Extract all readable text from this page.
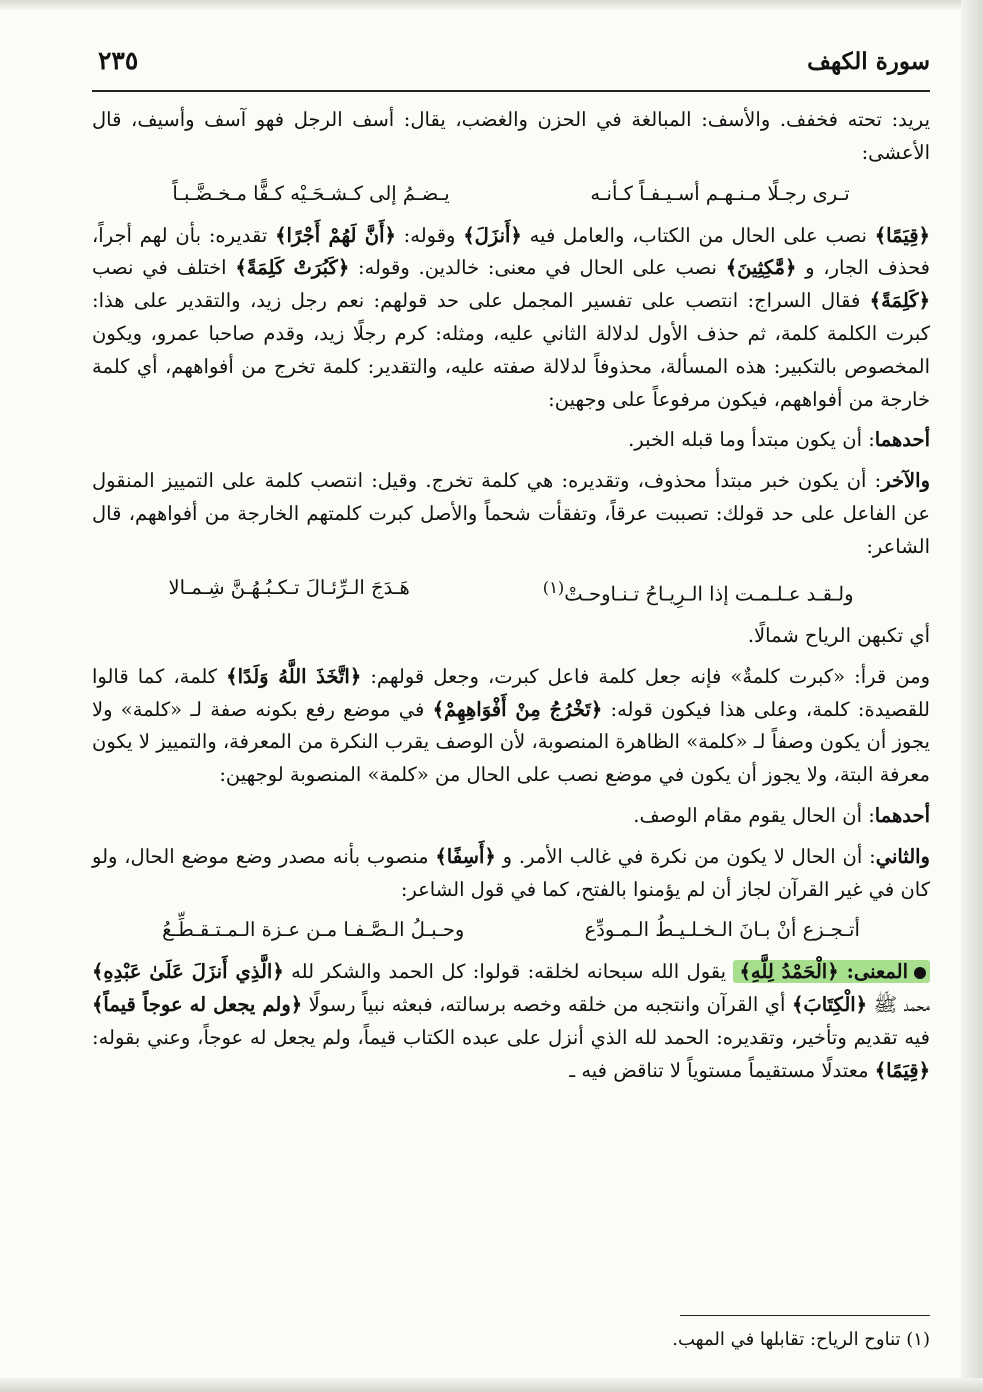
سورة الكهف
٢٣٥

يريد: تحته فخفف. والأسف: المبالغة في الحزن والغضب، يقال: أسف الرجل فهو آسف وأسيف، قال الأعشى:

تـرى رجـلًا مـنـهـم أسـيـفـاً كـأنـه
يـضـمُ إلى كـشـحَـيْه كـفًّا مـخـضَّـبـاً

﴿قِيَمًا﴾ نصب على الحال من الكتاب، والعامل فيه ﴿أَنزَلَ﴾ وقوله: ﴿أَنَّ لَهُمْ أَجْرًا﴾ تقديره: بأن لهم أجراً، فحذف الجار، و ﴿مَّٰكِثِينَ﴾ نصب على الحال في معنى: خالدين. وقوله: ﴿كَبُرَتْ كَلِمَةً﴾ اختلف في نصب ﴿كَلِمَةً﴾ فقال السراج: انتصب على تفسير المجمل على حد قولهم: نعم رجل زيد، والتقدير على هذا: كبرت الكلمة كلمة، ثم حذف الأول لدلالة الثاني عليه، ومثله: كرم رجلًا زيد، وقدم صاحبا عمرو، ويكون المخصوص بالتكبير: هذه المسألة، محذوفاً لدلالة صفته عليه، والتقدير: كلمة تخرج من أفواههم، أي كلمة خارجة من أفواههم، فيكون مرفوعاً على وجهين:

أحدهما: أن يكون مبتدأ وما قبله الخبر.

والآخر: أن يكون خبر مبتدأ محذوف، وتقديره: هي كلمة تخرج. وقيل: انتصب كلمة على التمييز المنقول عن الفاعل على حد قولك: تصببت عرقاً، وتفقأت شحماً والأصل كبرت كلمتهم الخارجة من أفواههم، قال الشاعر:

ولـقـد عـلـمـت إذا الـرِيـاحُ تـنـاوحـتْ$^{(١)}$
هَـدَجَ الـرِّئـالَ تـكـبُـهُـنَّ شِـمـالا

أي تكبهن الرياح شمالًا.

ومن قرأ: «كبرت كلمةٌ» فإنه جعل كلمة فاعل كبرت، وجعل قولهم: ﴿اتَّخَذَ اللَّهُ وَلَدًا﴾ كلمة، كما قالوا للقصيدة: كلمة، وعلى هذا فيكون قوله: ﴿تَخْرُجُ مِنْ أَفْوَاهِهِمْ﴾ في موضع رفع بكونه صفة لـ «كلمة» ولا يجوز أن يكون وصفاً لـ «كلمة» الظاهرة المنصوبة، لأن الوصف يقرب النكرة من المعرفة، والتمييز لا يكون معرفة البتة، ولا يجوز أن يكون في موضع نصب على الحال من «كلمة» المنصوبة لوجهين:

أحدهما: أن الحال يقوم مقام الوصف.

والثاني: أن الحال لا يكون من نكرة في غالب الأمر. و ﴿أَسِفًا﴾ منصوب بأنه مصدر وضع موضع الحال، ولو كان في غير القرآن لجاز أن لم يؤمنوا بالفتح، كما في قول الشاعر:

أتـجـزع أنْ بـانَ الـخـلـيـطُ الـمـودِّع
وحـبـلُ الـصَّـفـا مـن عـزة الـمـتـقـطِّـعُ

المعنى: ﴿الْحَمْدُ لِلَّهِ﴾ يقول الله سبحانه لخلقه: قولوا: كل الحمد والشكر لله ﴿الَّذِي أَنزَلَ عَلَىٰ عَبْدِهِ﴾ محمد ﷺ ﴿الْكِتَابَ﴾ أي القرآن وانتجبه من خلقه وخصه برسالته، فبعثه نبياً رسولًا ﴿ولم يجعل له عوجاً قيماً﴾ فيه تقديم وتأخير، وتقديره: الحمد لله الذي أنزل على عبده الكتاب قيماً، ولم يجعل له عوجاً، وعني بقوله: ﴿قِيَمًا﴾ معتدلًا مستقيماً مستوياً لا تناقض فيه ـ

(١) تناوح الرياح: تقابلها في المهب.
